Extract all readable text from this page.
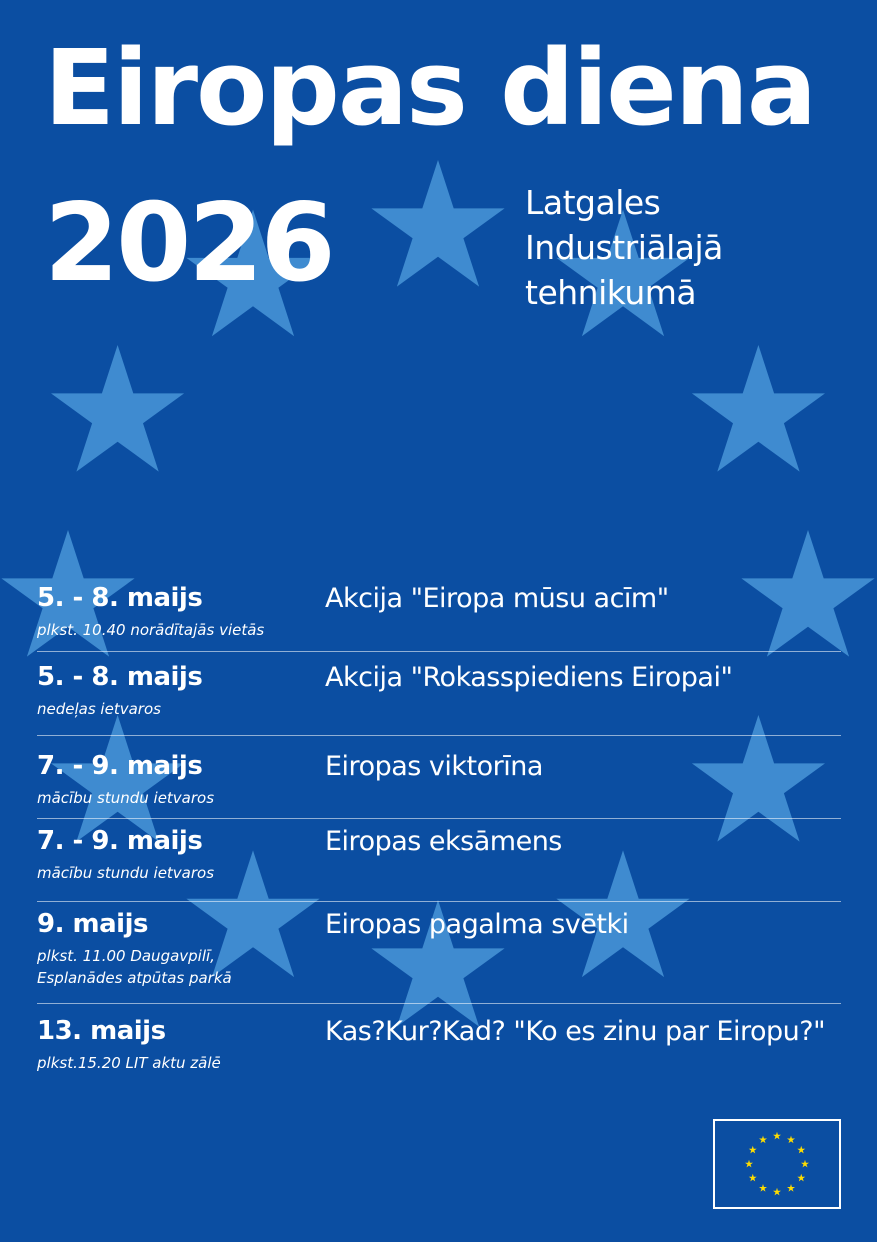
Eiropas diena
2026	Latgales
Industriālajā
tehnikumā
5. - 8. maijs
plkst. 10.40 norādītajās vietās
Akcija "Eiropa mūsu acīm"
5. - 8. maijs
nedeļas ietvaros
Akcija "Rokasspiediens Eiropai"
7. - 9. maijs
mācību stundu ietvaros
Eiropas viktorīna
7. - 9. maijs
mācību stundu ietvaros
Eiropas eksāmens
9. maijs
plkst. 11.00 Daugavpilī,
Esplanādes atpūtas parkā
Eiropas pagalma svētki
13. maijs
plkst.15.20 LIT aktu zālē
Kas?Kur?Kad? "Ko es zinu par Eiropu?"
